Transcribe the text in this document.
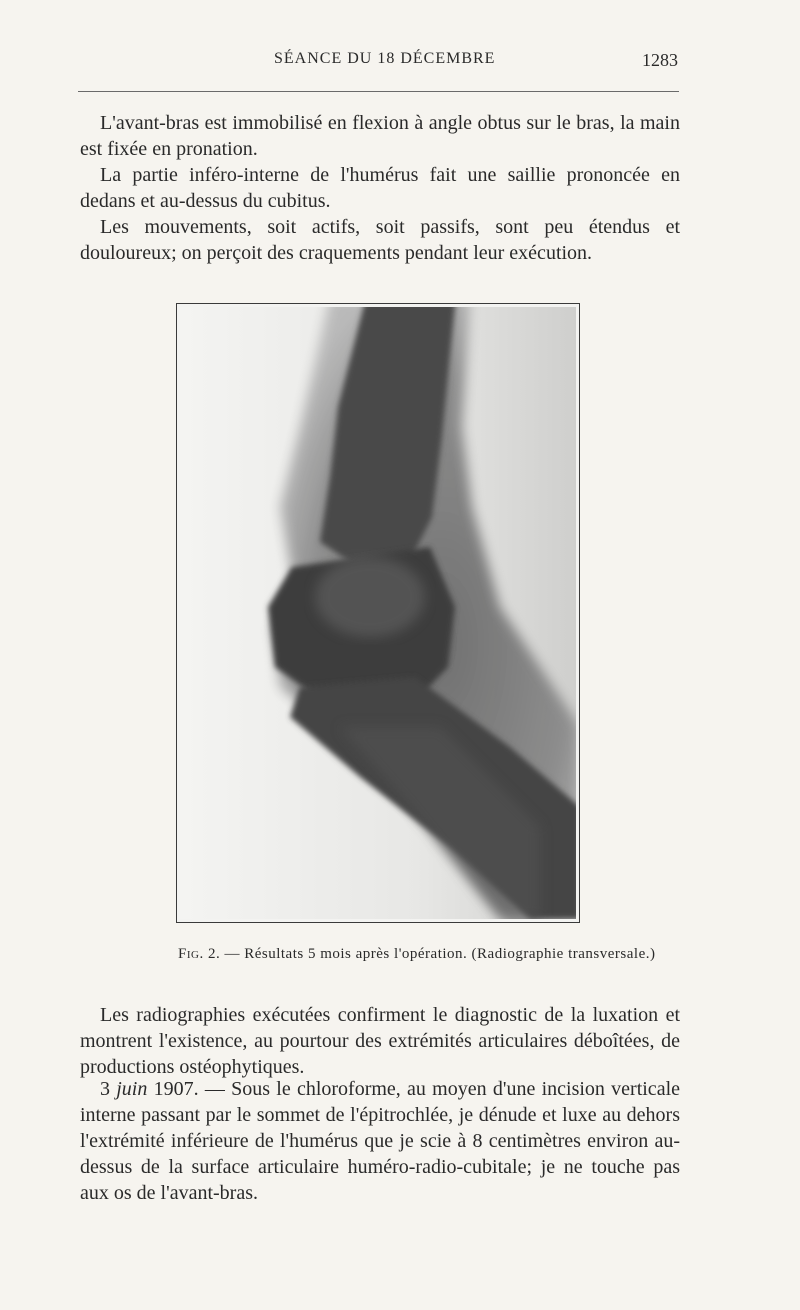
SÉANCE DU 18 DÉCEMBRE	1283

L'avant-bras est immobilisé en flexion à angle obtus sur le bras, la main est fixée en pronation.

La partie inféro-interne de l'humérus fait une saillie prononcée en dedans et au-dessus du cubitus.

Les mouvements, soit actifs, soit passifs, sont peu étendus et douloureux; on perçoit des craquements pendant leur exécution.

Fig. 2. — Résultats 5 mois après l'opération. (Radiographie transversale.)

Les radiographies exécutées confirment le diagnostic de la luxation et montrent l'existence, au pourtour des extrémités articulaires déboîtées, de productions ostéophytiques.

3 juin 1907. — Sous le chloroforme, au moyen d'une incision verticale interne passant par le sommet de l'épitrochlée, je dénude et luxe au dehors l'extrémité inférieure de l'humérus que je scie à 8 centimètres environ au-dessus de la surface articulaire huméro-radio-cubitale; je ne touche pas aux os de l'avant-bras.
